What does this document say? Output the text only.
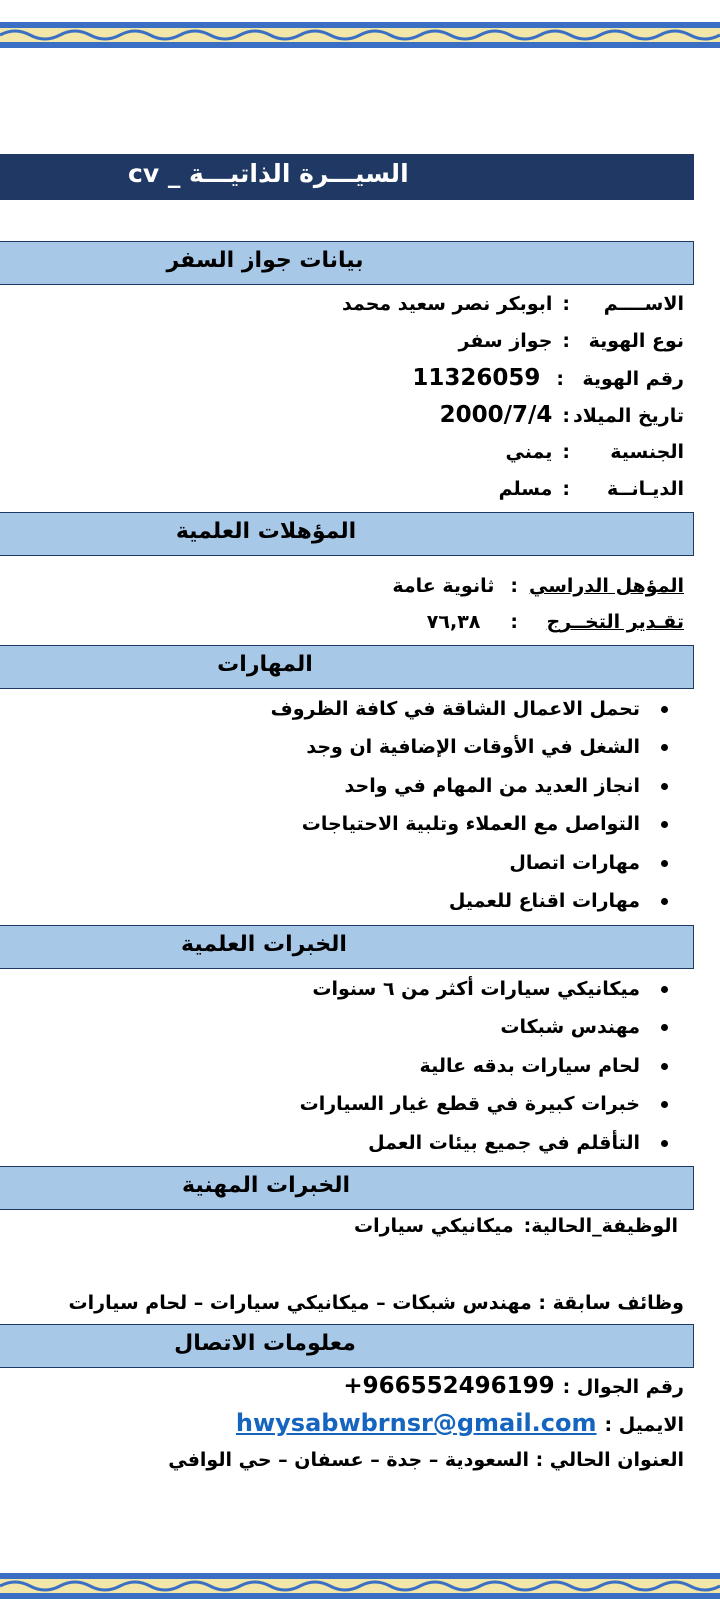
السيـــرة الذاتيـــة _ cv
بيانات جواز السفر
الاســــم:ابوبكر نصر سعيد محمد
نوع الهوية:جواز سفر
رقم الهوية:11326059
تاريخ الميلاد:2000/7/4
الجنسية:يمني
الديـانــة:مسلم
المؤهلات العلمية
المؤهل الدراسي:ثانوية عامة
تقـدير التخــرج:٧٦,٣٨
المهارات
تحمل الاعمال الشاقة في كافة الظروف
الشغل في الأوقات الإضافية ان وجد
انجاز العديد من المهام في واحد
التواصل مع العملاء وتلبية الاحتياجات
مهارات اتصال
مهارات اقناع للعميل
الخبرات العلمية
ميكانيكي سيارات أكثر من ٦ سنوات
مهندس شبكات
لحام سيارات بدقه عالية
خبرات كبيرة في قطع غيار السيارات
التأقلم في جميع بيئات العمل
الخبرات المهنية
الوظيفة_الحالية:ميكانيكي سيارات
وظائف سابقة : مهندس شبكات – ميكانيكي سيارات – لحام سيارات
معلومات الاتصال
رقم الجوال :+966552496199
الايميل :hwysabwbrnsr@gmail.com
العنوان الحالي : السعودية – جدة – عسفان – حي الوافي
